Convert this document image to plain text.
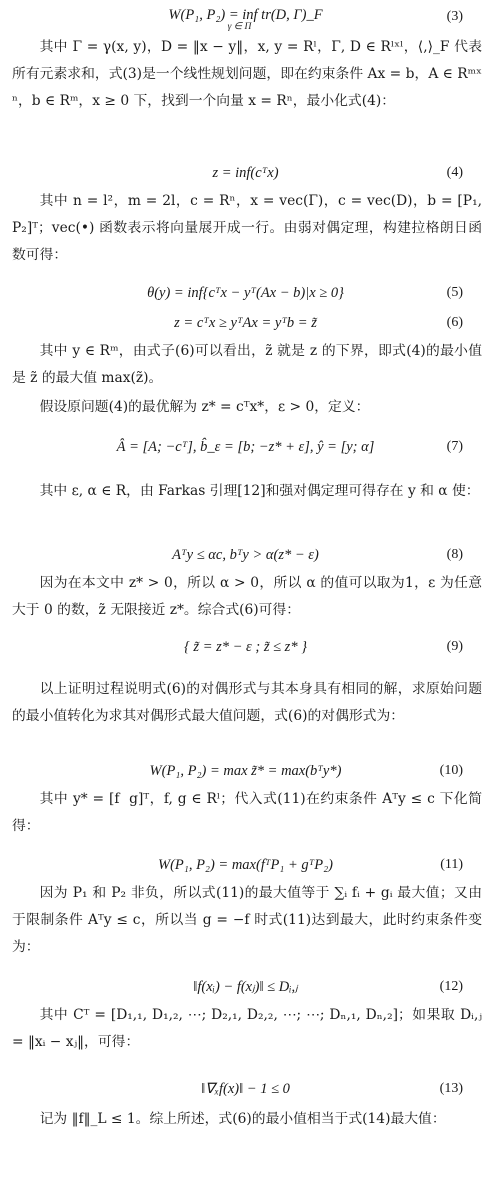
W(P₁, P₂) = inf tr(D, Γ)_F
γ ∈ Π
(3)
其中 Γ = γ(x, y)，D = ‖x − y‖，x, y = Rˡ，Γ, D ∈ Rˡˣˡ，⟨,⟩_F 代表所有元素求和，式(3)是一个线性规划问题，即在约束条件 Ax = b，A ∈ Rᵐˣⁿ，b ∈ Rᵐ，x ≥ 0 下，找到一个向量 x = Rⁿ，最小化式(4)：
z = inf(cᵀx)	(4)
其中 n = l²，m = 2l，c = Rⁿ，x = vec(Γ)，c = vec(D)，b = [P₁, P₂]ᵀ；vec(•) 函数表示将向量展开成一行。由弱对偶定理，构建拉格朗日函数可得：
θ(y) = inf{cᵀx − yᵀ(Ax − b)|x ≥ 0}	(5)
z = cᵀx ≥ yᵀAx = yᵀb = z̃	(6)
其中 y ∈ Rᵐ，由式子(6)可以看出，z̃ 就是 z 的下界，即式(4)的最小值是 z̃ 的最大值 max(z̃)。
假设原问题(4)的最优解为 z* = cᵀx*，ε > 0，定义：
Â = [A; −cᵀ], b̂_ε = [b; −z* + ε], ŷ = [y; α]	(7)
其中 ε, α ∈ R，由 Farkas 引理[12]和强对偶定理可得存在 y 和 α 使：
Aᵀy ≤ αc, bᵀy > α(z* − ε)	(8)
因为在本文中 z* > 0，所以 α > 0，所以 α 的值可以取为1，ε 为任意大于 0 的数，z̃ 无限接近 z*。综合式(6)可得：
{ z̃ = z* − ε ; z̃ ≤ z* }	(9)
以上证明过程说明式(6)的对偶形式与其本身具有相同的解，求原始问题的最小值转化为求其对偶形式最大值问题，式(6)的对偶形式为：
W(P₁, P₂) = max z̃* = max(bᵀy*)	(10)
其中 y* = [f  g]ᵀ，f, g ∈ Rˡ；代入式(11)在约束条件 Aᵀy ≤ c 下化简得：
W(P₁, P₂) = max(fᵀP₁ + gᵀP₂)	(11)
因为 P₁ 和 P₂ 非负，所以式(11)的最大值等于 ∑ᵢ fᵢ + gᵢ 最大值；又由于限制条件 Aᵀy ≤ c，所以当 g = −f 时式(11)达到最大，此时约束条件变为：
‖f(xᵢ) − f(xⱼ)‖ ≤ Dᵢ,ⱼ	(12)
其中 Cᵀ = [D₁,₁, D₁,₂, ⋯; D₂,₁, D₂,₂, ⋯; ⋯; Dₙ,₁, Dₙ,₂]；如果取 Dᵢ,ⱼ = ‖xᵢ − xⱼ‖，可得：
‖∇ₓf(x)‖ − 1 ≤ 0	(13)
记为 ‖f‖_L ≤ 1。综上所述，式(6)的最小值相当于式(14)最大值：
